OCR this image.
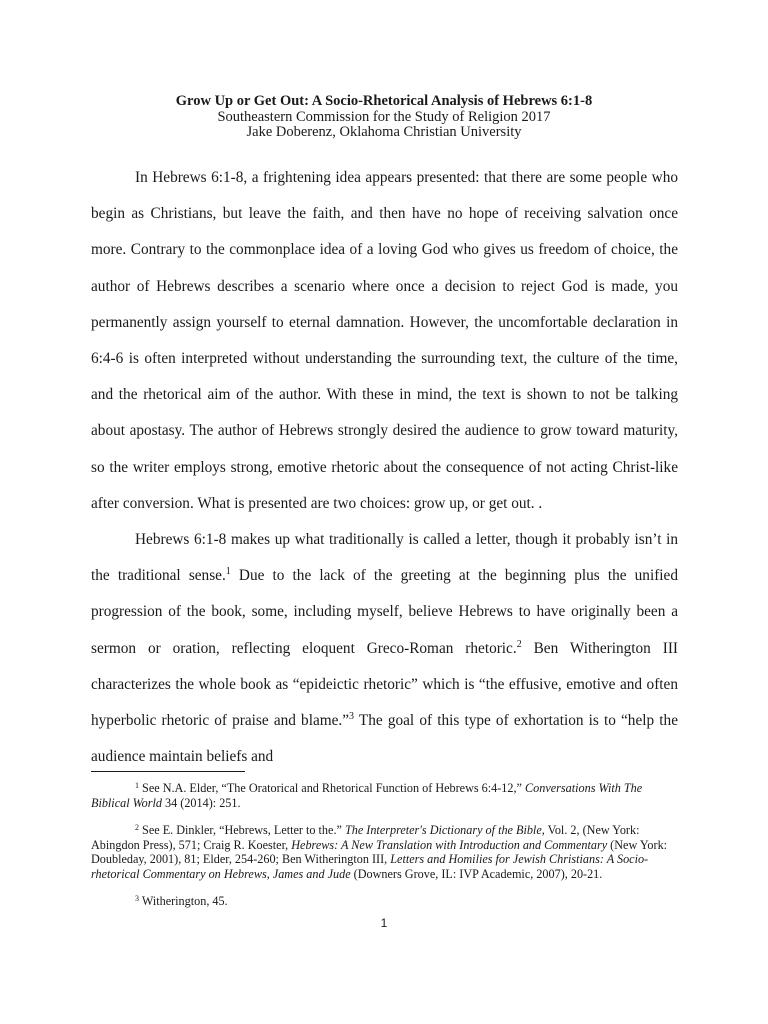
Grow Up or Get Out: A Socio-Rhetorical Analysis of Hebrews 6:1-8
Southeastern Commission for the Study of Religion 2017
Jake Doberenz, Oklahoma Christian University

In Hebrews 6:1-8, a frightening idea appears presented: that there are some people who begin as Christians, but leave the faith, and then have no hope of receiving salvation once more. Contrary to the commonplace idea of a loving God who gives us freedom of choice, the author of Hebrews describes a scenario where once a decision to reject God is made, you permanently assign yourself to eternal damnation. However, the uncomfortable declaration in 6:4-6 is often interpreted without understanding the surrounding text, the culture of the time, and the rhetorical aim of the author. With these in mind, the text is shown to not be talking about apostasy. The author of Hebrews strongly desired the audience to grow toward maturity, so the writer employs strong, emotive rhetoric about the consequence of not acting Christ-like after conversion. What is presented are two choices: grow up, or get out. .

Hebrews 6:1-8 makes up what traditionally is called a letter, though it probably isn’t in the traditional sense.$^1$ Due to the lack of the greeting at the beginning plus the unified progression of the book, some, including myself, believe Hebrews to have originally been a sermon or oration, reflecting eloquent Greco-Roman rhetoric.$^2$ Ben Witherington III characterizes the whole book as “epideictic rhetoric” which is “the effusive, emotive and often hyperbolic rhetoric of praise and blame.”$^3$ The goal of this type of exhortation is to “help the audience maintain beliefs and

$^1$ See N.A. Elder, “The Oratorical and Rhetorical Function of Hebrews 6:4-12,” Conversations With The Biblical World 34 (2014): 251.

$^2$ See E. Dinkler, “Hebrews, Letter to the.” The Interpreter's Dictionary of the Bible, Vol. 2, (New York: Abingdon Press), 571; Craig R. Koester, Hebrews: A New Translation with Introduction and Commentary (New York: Doubleday, 2001), 81; Elder, 254-260; Ben Witherington III, Letters and Homilies for Jewish Christians: A Socio-rhetorical Commentary on Hebrews, James and Jude (Downers Grove, IL: IVP Academic, 2007), 20-21.

$^3$ Witherington, 45.

1
